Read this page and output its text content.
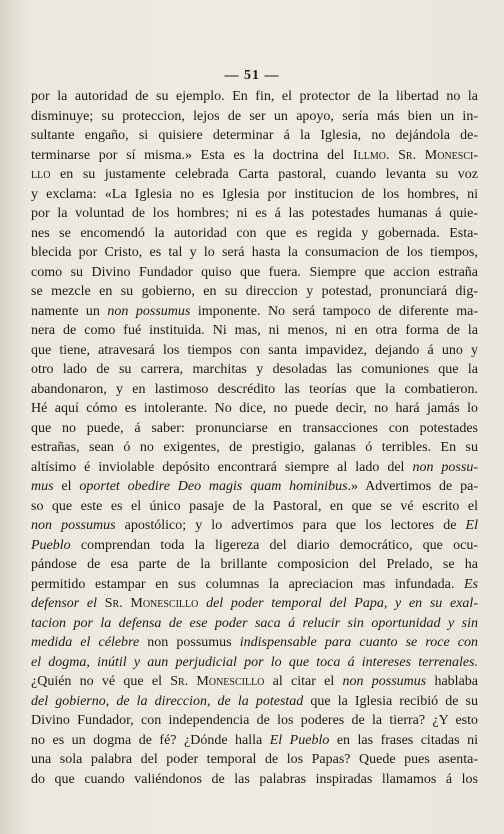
— 51 —
por la autoridad de su ejemplo. En fin, el protector de la libertad no la
disminuye; su proteccion, lejos de ser un apoyo, sería más bien un in-
sultante engaño, si quisiere determinar á la Iglesia, no dejándola de-
terminarse por sí misma.» Esta es la doctrina del Illmo. Sr. Monesci-
llo en su justamente celebrada Carta pastoral, cuando levanta su voz
y exclama: «La Iglesia no es Iglesia por institucion de los hombres, ni
por la voluntad de los hombres; ni es á las potestades humanas á quie-
nes se encomendó la autoridad con que es regida y gobernada. Esta-
blecida por Cristo, es tal y lo será hasta la consumacion de los tiempos,
como su Divino Fundador quiso que fuera. Siempre que accion estraña
se mezcle en su gobierno, en su direccion y potestad, pronunciará dig-
namente un non possumus imponente. No será tampoco de diferente ma-
nera de como fué instituida. Ni mas, ni menos, ni en otra forma de la
que tiene, atravesará los tiempos con santa impavidez, dejando á uno y
otro lado de su carrera, marchitas y desoladas las comuniones que la
abandonaron, y en lastimoso descrédito las teorías que la combatieron.
Hé aquí cómo es intolerante. No dice, no puede decir, no hará jamás lo
que no puede, á saber: pronunciarse en transacciones con potestades
estrañas, sean ó no exigentes, de prestigio, galanas ó terribles. En su
altísimo é inviolable depósito encontrará siempre al lado del non possu-
mus el oportet obedire Deo magis quam hominibus.» Advertimos de pa-
so que este es el único pasaje de la Pastoral, en que se vé escrito el
non possumus apostólico; y lo advertimos para que los lectores de El
Pueblo comprendan toda la ligereza del diario democrático, que ocu-
pándose de esa parte de la brillante composicion del Prelado, se ha
permitido estampar en sus columnas la apreciacion mas infundada. Es
defensor el Sr. Monescillo del poder temporal del Papa, y en su exal-
tacion por la defensa de ese poder saca á relucir sin oportunidad y sin
medida el célebre non possumus indispensable para cuanto se roce con
el dogma, inútil y aun perjudicial por lo que toca á intereses terrenales.
¿Quién no vé que el Sr. Monescillo al citar el non possumus hablaba
del gobierno, de la direccion, de la potestad que la Iglesia recibió de su
Divino Fundador, con independencia de los poderes de la tierra? ¿Y esto
no es un dogma de fé? ¿Dónde halla El Pueblo en las frases citadas ni
una sola palabra del poder temporal de los Papas? Quede pues asenta-
do que cuando valiéndonos de las palabras inspiradas llamamos á los
